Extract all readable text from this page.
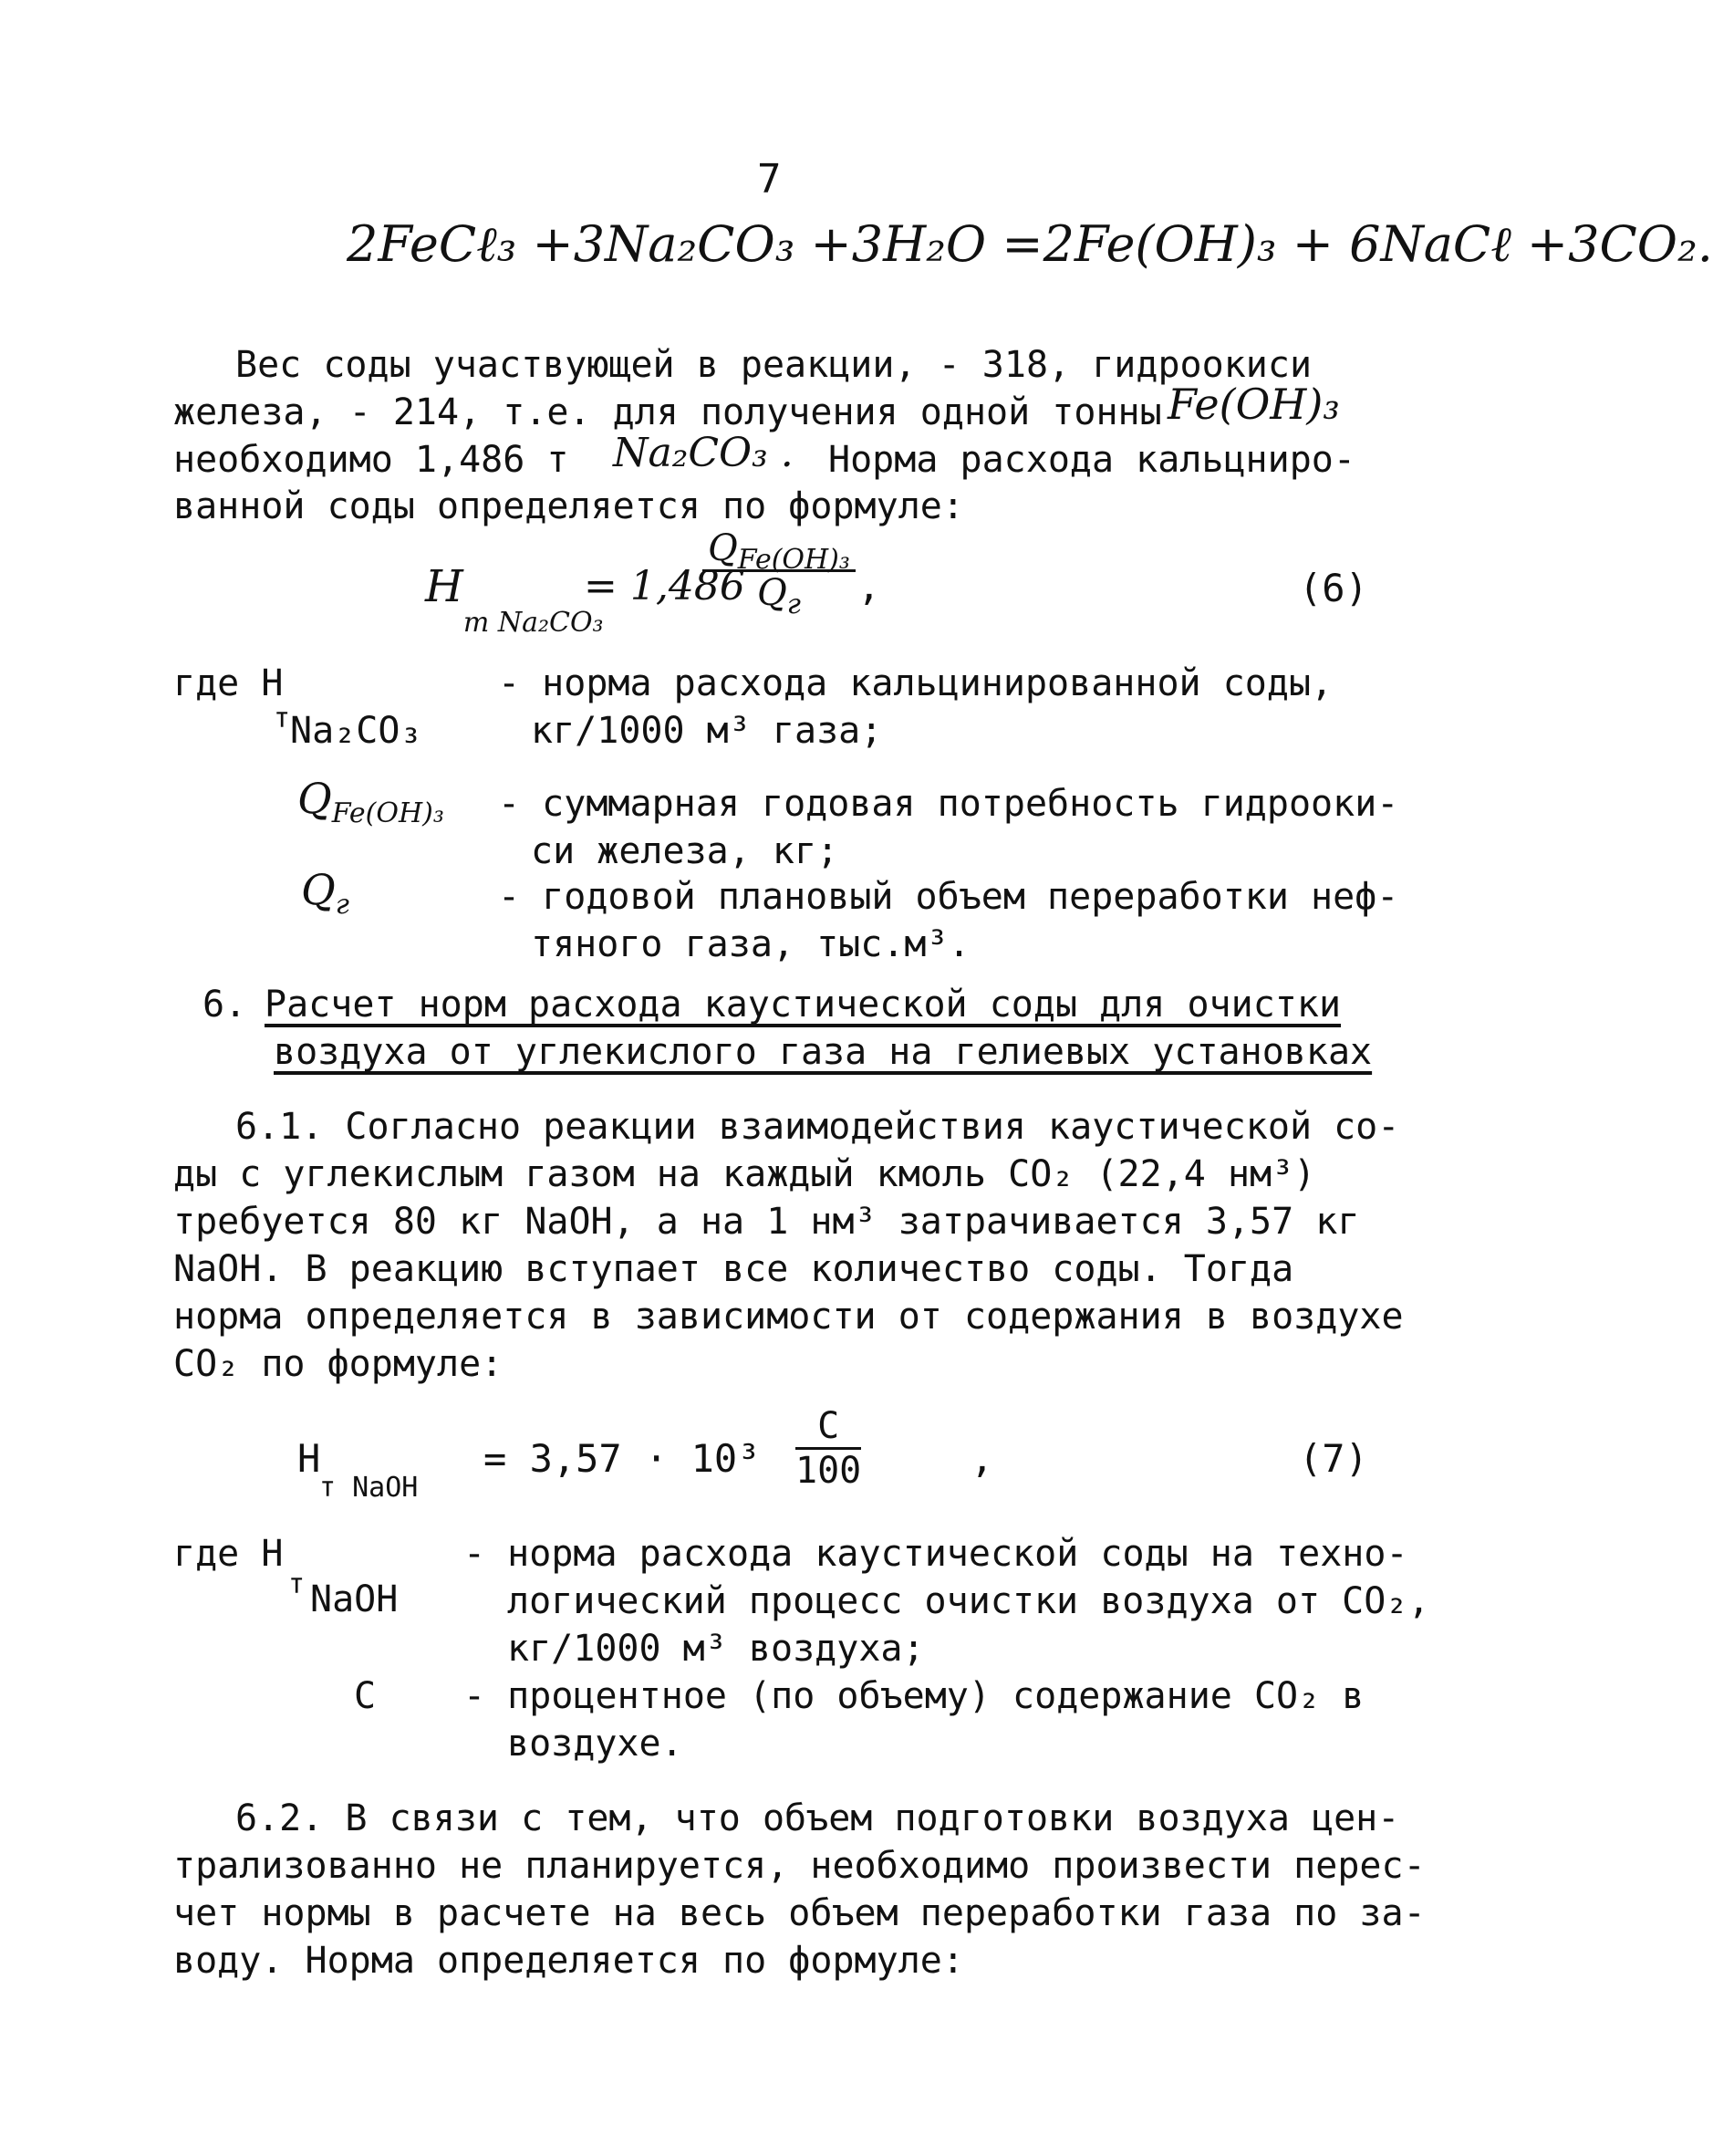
7
2FeCℓ₃ +3Na₂CO₃ +3H₂O =2Fe(OH)₃ + 6NaCℓ +3CO₂.
Вес соды участвующей в реакции, - 318, гидроокиси
железа, - 214, т.е. для получения одной тонны Fe(OH)₃
необходимо 1,486 т Na₂CO₃ . Норма расхода кальцниро-
ванной соды определяется по формуле:
$H_{т Na_2CO_3}$
= 1,486
$\frac{Q_{Fe(OH)_3}}{Q_г}$ ,	(6)
где Н
т Na₂CO₃
- норма расхода кальцинированной соды,
кг/1000 м³ газа;
$Q_{Fe(OH)_3}$ - суммарная годовая потребность гидрооки-
си железа, кг;
$Q_г$	- годовой плановый объем переработки неф-
тяного газа, тыс.м³.
6. Расчет норм расхода каустической соды для очистки
воздуха от углекислого газа на гелиевых установках
6.1. Согласно реакции взаимодействия каустической со-
ды с углекислым газом на каждый кмоль CO₂ (22,4 нм³)
требуется 80 кг NaOH, а на 1 нм³ затрачивается 3,57 кг
NaOH. В реакцию вступает все количество соды. Тогда
норма определяется в зависимости от содержания в воздухе
CO₂ по формуле:
H
т NaOH
= $3,57 \cdot 10^3 \frac{C}{100}$	,	(7)
где Н
т NaOH
- норма расхода каустической соды на техно-
логический процесс очистки воздуха от CO₂,
кг/1000 м³ воздуха;
C - процентное (по объему) содержание CO₂ в
воздухе.
6.2. В связи с тем, что объем подготовки воздуха цен-
трализованно не планируется, необходимо произвести перес-
чет нормы в расчете на весь объем переработки газа по за-
воду. Норма определяется по формуле:
